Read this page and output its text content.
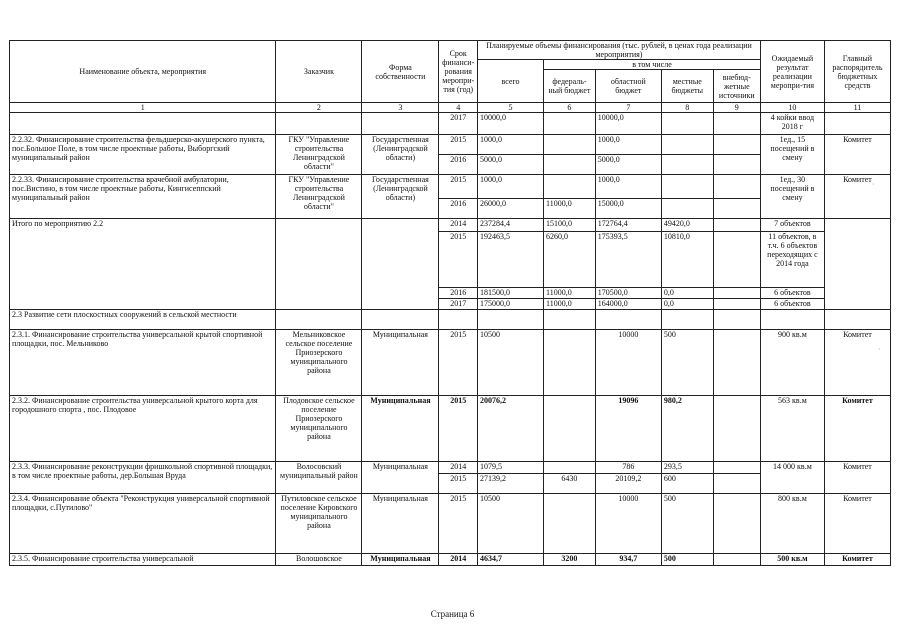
Наименование объекта, мероприятия	Заказчик	Форма собственности	Срок финанси-рования меропри-тия (год)	Планируемые объемы финансирования (тыс. рублей, в ценах года реализации мероприятия)					Ожидаемый результат реализации меропри-тия	Главный распорядитель бюджетных средств
				всего	в том числе					
					федераль-ный бюджет	областной бюджет	местные бюджеты	внебюд-жетные источники		
1	2	3	4	5	6	7	8	9	10	11
			2017	10000,0		10000,0			4 койки ввод 2018 г	
2.2.32. Финансирование строительства фельдшерско-акушерского пункта, пос.Большое Поле, в том числе проектные работы, Выборгский муниципальный район	ГКУ "Управление строительства Ленинградской области"	Государственная (Ленинградской области)	2015	1000,0		1000,0			1ед., 15 посещений в смену	Комитет
			2016	5000,0		5000,0				
2.2.33. Финансирование строительства врачебной амбулатории, пос.Вистино, в том числе проектные работы, Кингисеппский муниципальный район	ГКУ "Управление строительства Ленинградской области"	Государственная (Ленинградской области)	2015	1000,0		1000,0			1ед., 30 посещений в смену	Комитет
			2016	26000,0	11000,0	15000,0				
Итого по мероприятию 2.2			2014	237284,4	15100,0	172764,4	49420,0		7 объектов	
			2015	192463,5	6260,0	175393,5	10810,0		11 объектов, в т.ч. 6 объектов переходящих с 2014 года	
			2016	181500,0	11000,0	170500,0	0,0		6 объектов	
			2017	175000,0	11000,0	164000,0	0,0		6 объектов	
2.3 Развитие сети плоскостных сооружений в сельской местности										
2.3.1. Финансирование строительства универсальной крытой спортивной площадки, пос. Мельниково	Мельниковское сельское поселение Приозерского муниципального района	Муниципальная	2015	10500		10000	500		900 кв.м	Комитет
2.3.2. Финансирование строительства универсальной крытого корта для городошного спорта , пос. Плодовое	Плодовское сельское поселение Приозерского муниципального района	Муниципальная	2015	20076,2		19096	980,2		563 кв.м	Комитет
2.3.3. Финансирование реконструкции фришкольной спортивной площадки, в том числе проектные работы, дер.Большая Вруда	Волосовский муниципальный район	Муниципальная	2014	1079,5		786	293,5		14 000 кв.м	Комитет
			2015	27139,2	6430	20109,2	600			
2.3.4. Финансирование объекта "Реконструкция универсальной спортивной площадки, с.Путилово"	Путиловское сельское поселение Кировского муниципального района	Муниципальная	2015	10500		10000	500		800 кв.м	Комитет
2.3.5. Финансирование строительства универсальной	Волошовское	Муниципальная	2014	4634,7	3200	934,7	500		500 кв.м	Комитет
Страница 6
·
·
